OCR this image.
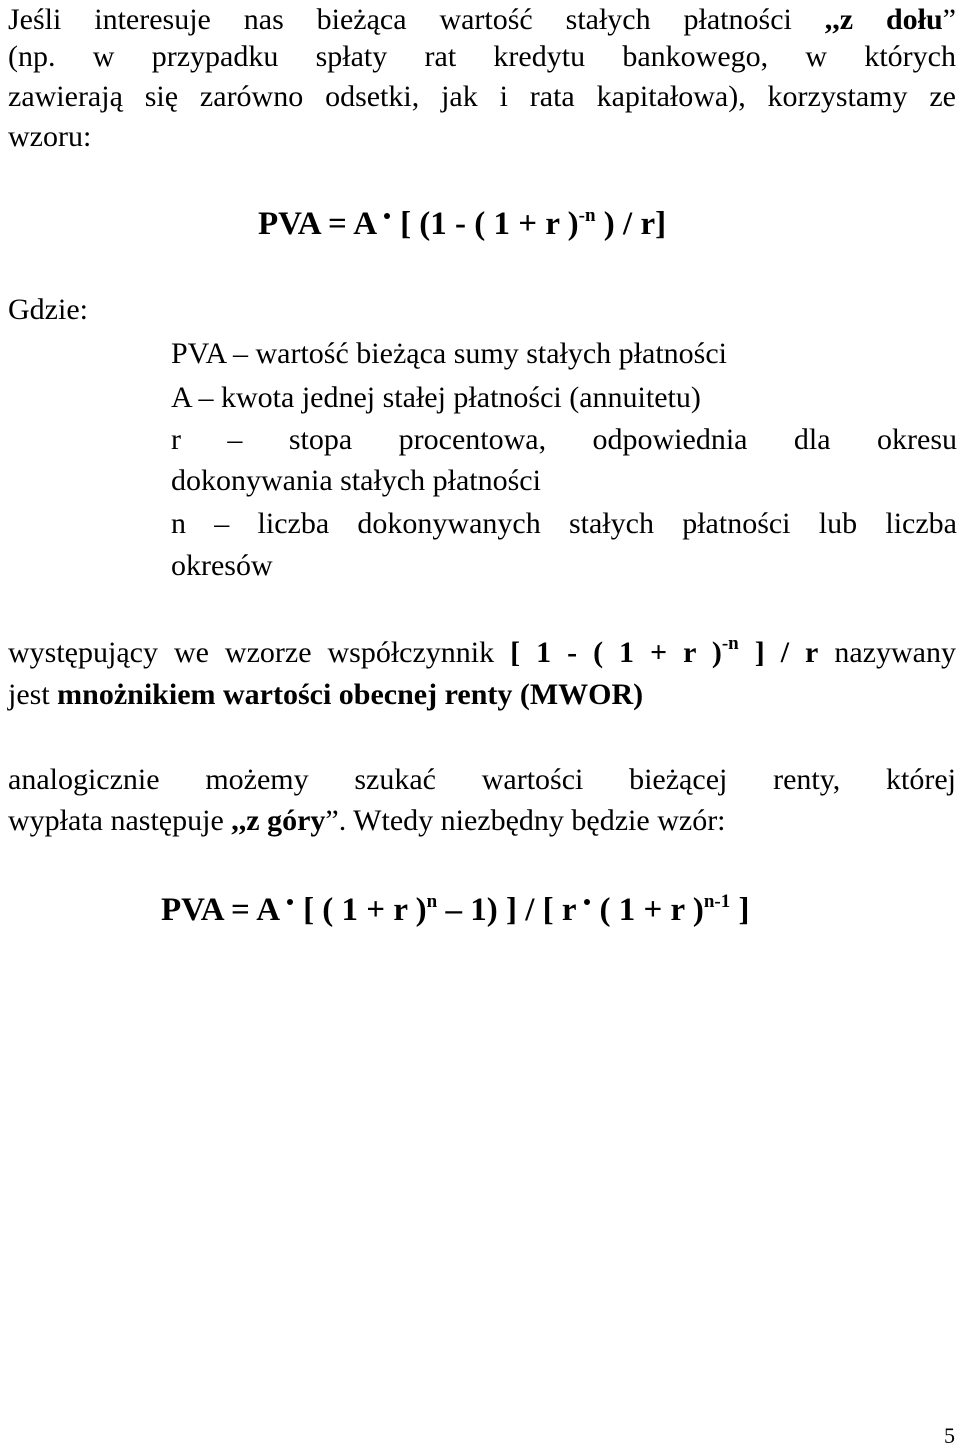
Jeśli interesuje nas bieżąca wartość stałych płatności ,,z dołu”
(np. w przypadku spłaty rat kredytu bankowego, w których
zawierają się zarówno odsetki, jak i rata kapitałowa), korzystamy ze
wzoru:
PVA = A [ (1 - ( 1 + r )$^{-n}$ ) / r]
Gdzie:
PVA – wartość bieżąca sumy stałych płatności
A – kwota jednej stałej płatności (annuitetu)
r – stopa procentowa, odpowiednia dla okresu
dokonywania stałych płatności
n – liczba dokonywanych stałych płatności lub liczba
okresów
występujący we wzorze współczynnik [ 1 - ( 1 + r )$^{-n}$ ] / r nazywany
jest mnożnikiem wartości obecnej renty (MWOR)
analogicznie możemy szukać wartości bieżącej renty, której
wypłata następuje ,,z góry”. Wtedy niezbędny będzie wzór:
PVA = A [ ( 1 + r )$^n$ – 1) ] / [ r ( 1 + r )$^{n-1}$ ]
5
